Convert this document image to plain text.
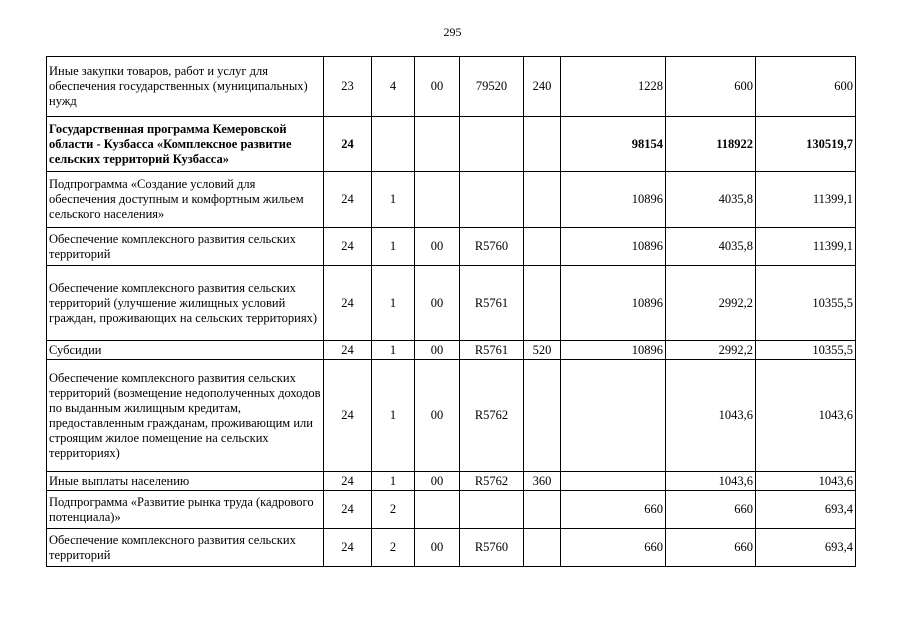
295
Иные закупки товаров, работ и услуг для обеспечения государственных (муниципальных) нужд	23	4	00	79520	240	1228	600	600
Государственная программа Кемеровской области - Кузбасса «Комплексное развитие сельских территорий Кузбасса»	24					98154	118922	130519,7
Подпрограмма «Создание условий для обеспечения доступным и комфортным жильем сельского населения»	24	1				10896	4035,8	11399,1
Обеспечение комплексного развития сельских территорий	24	1	00	R5760		10896	4035,8	11399,1
Обеспечение комплексного развития сельских территорий (улучшение жилищных условий граждан, проживающих на сельских территориях)	24	1	00	R5761		10896	2992,2	10355,5
Субсидии	24	1	00	R5761	520	10896	2992,2	10355,5
Обеспечение комплексного развития сельских территорий (возмещение недополученных доходов по выданным жилищным кредитам, предоставленным гражданам, проживающим или строящим жилое помещение на сельских территориях)	24	1	00	R5762			1043,6	1043,6
Иные выплаты населению	24	1	00	R5762	360		1043,6	1043,6
Подпрограмма «Развитие рынка труда (кадрового потенциала)»	24	2				660	660	693,4
Обеспечение комплексного развития сельских территорий	24	2	00	R5760		660	660	693,4
